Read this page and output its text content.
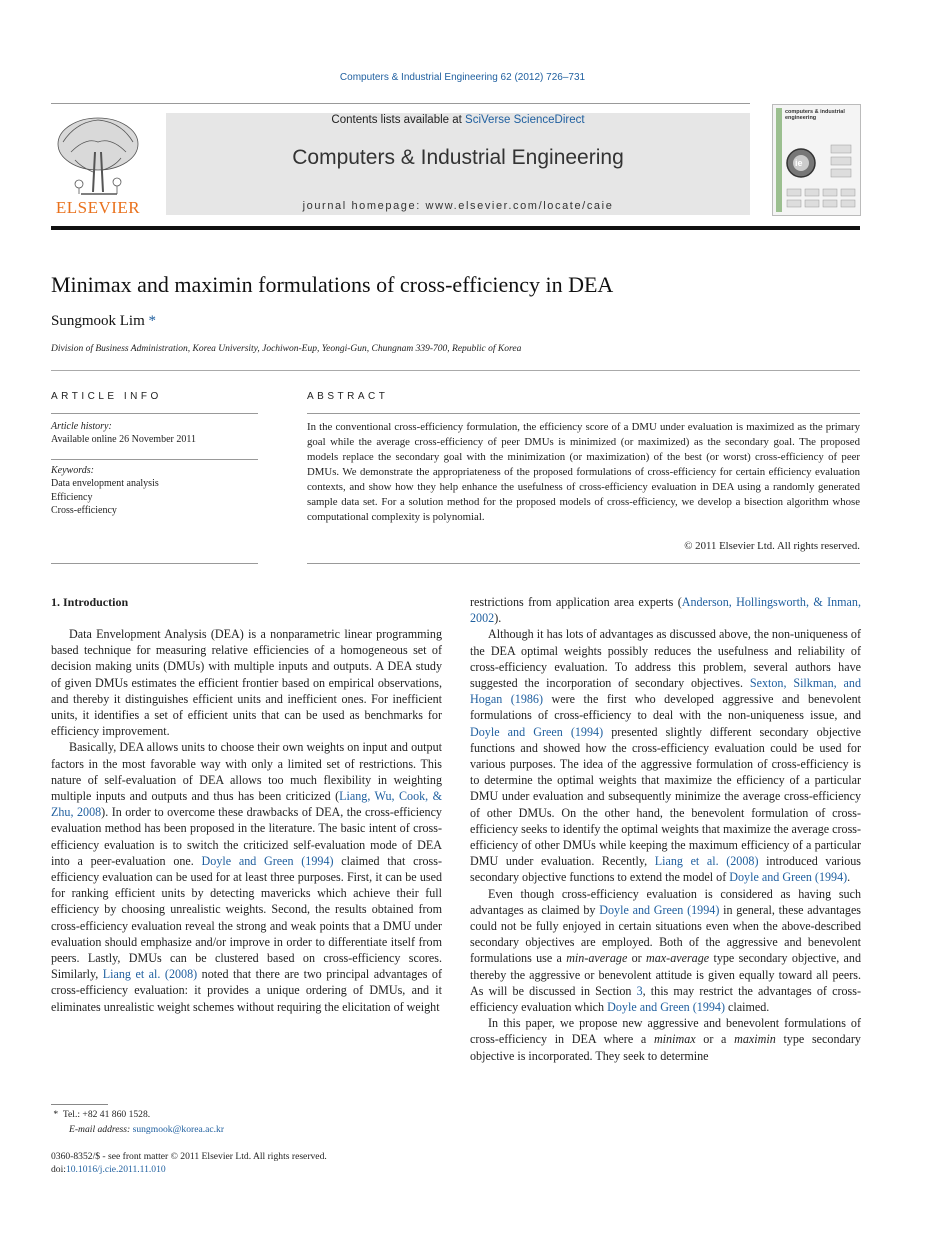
Computers & Industrial Engineering 62 (2012) 726–731
ELSEVIER
Contents lists available at SciVerse ScienceDirect
Computers & Industrial Engineering
journal homepage: www.elsevier.com/locate/caie
computers & industrial engineering
ie
Minimax and maximin formulations of cross-efficiency in DEA
Sungmook Lim *
Division of Business Administration, Korea University, Jochiwon-Eup, Yeongi-Gun, Chungnam 339-700, Republic of Korea
ARTICLE INFO
Article history:
Available online 26 November 2011
Keywords:
Data envelopment analysis
Efficiency
Cross-efficiency
ABSTRACT
In the conventional cross-efficiency formulation, the efficiency score of a DMU under evaluation is maximized as the primary goal while the average cross-efficiency of peer DMUs is minimized (or maximized) as the secondary goal. The proposed models replace the secondary goal with the minimization (or maximization) of the best (or worst) cross-efficiency of peer DMUs. We demonstrate the appropriateness of the proposed formulations of cross-efficiency for certain efficiency evaluation contexts, and show how they help enhance the usefulness of cross-efficiency evaluation in DEA using a randomly generated sample data set. For a solution method for the proposed models of cross-efficiency, we develop a bisection algorithm whose computational complexity is polynomial.
© 2011 Elsevier Ltd. All rights reserved.
1. Introduction

Data Envelopment Analysis (DEA) is a nonparametric linear programming based technique for measuring relative efficiencies of a homogeneous set of decision making units (DMUs) with multiple inputs and outputs. A DEA study of given DMUs estimates the efficient frontier based on empirical observations, and thereby it distinguishes efficient units and inefficient ones. For inefficient units, it identifies a set of efficient units that can be used as benchmarks for efficiency improvement.

Basically, DEA allows units to choose their own weights on input and output factors in the most favorable way with only a limited set of restrictions. This nature of self-evaluation of DEA allows too much flexibility in weighting multiple inputs and outputs and thus has been criticized (Liang, Wu, Cook, & Zhu, 2008). In order to overcome these drawbacks of DEA, the cross-efficiency evaluation method has been proposed in the literature. The basic intent of cross-efficiency evaluation is to switch the criticized self-evaluation mode of DEA into a peer-evaluation one. Doyle and Green (1994) claimed that cross-efficiency evaluation can be used for at least three purposes. First, it can be used for ranking efficient units by detecting mavericks which achieve their full efficiency by choosing unrealistic weights. Second, the results obtained from cross-efficiency evaluation reveal the strong and weak points that a DMU under evaluation should emphasize and/or improve in order to differentiate itself from peers. Lastly, DMUs can be clustered based on cross-efficiency scores. Similarly, Liang et al. (2008) noted that there are two principal advantages of cross-efficiency evaluation: it provides a unique ordering of DMUs, and it eliminates unrealistic weight schemes without requiring the elicitation of weight

restrictions from application area experts (Anderson, Hollingsworth, & Inman, 2002).

Although it has lots of advantages as discussed above, the non-uniqueness of the DEA optimal weights possibly reduces the usefulness and reliability of cross-efficiency evaluation. To address this problem, several authors have suggested the incorporation of secondary objectives. Sexton, Silkman, and Hogan (1986) were the first who developed aggressive and benevolent formulations of cross-efficiency to deal with the non-uniqueness issue, and Doyle and Green (1994) presented slightly different secondary objective functions and showed how the cross-efficiency evaluation could be used for various purposes. The idea of the aggressive formulation of cross-efficiency is to determine the optimal weights that maximize the efficiency of a particular DMU under evaluation and subsequently minimize the average cross-efficiency of other DMUs. On the other hand, the benevolent formulation of cross-efficiency seeks to identify the optimal weights that maximize the average cross-efficiency of other DMUs while keeping the maximum efficiency of a particular DMU under evaluation. Recently, Liang et al. (2008) introduced various secondary objective functions to extend the model of Doyle and Green (1994).

Even though cross-efficiency evaluation is considered as having such advantages as claimed by Doyle and Green (1994) in general, these advantages could not be fully enjoyed in certain situations even when the above-described secondary objectives are employed. Both of the aggressive and benevolent formulations use a min-average or max-average type secondary objective, and thereby the aggressive or benevolent attitude is given equally toward all peers. As will be discussed in Section 3, this may restrict the advantages of cross-efficiency evaluation which Doyle and Green (1994) claimed.

In this paper, we propose new aggressive and benevolent formulations of cross-efficiency in DEA where a minimax or a maximin type secondary objective is incorporated. They seek to determine

* Tel.: +82 41 860 1528.
E-mail address: sungmook@korea.ac.kr
0360-8352/$ - see front matter © 2011 Elsevier Ltd. All rights reserved.
doi:10.1016/j.cie.2011.11.010
